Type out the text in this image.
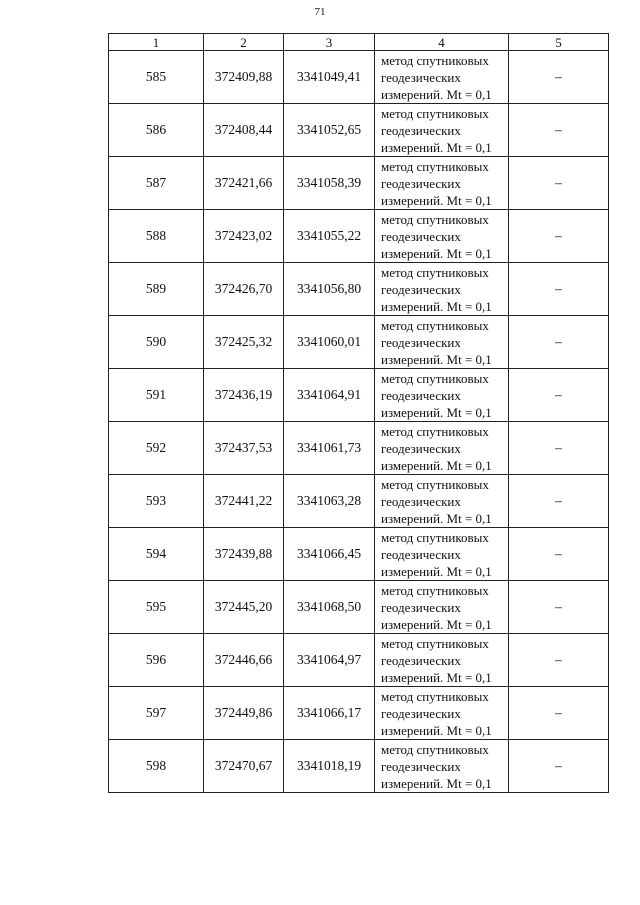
71
1	2	3	4	5
585	372409,88	3341049,41	метод спутниковых
геодезических
измерений. Mt = 0,1	–
586	372408,44	3341052,65	метод спутниковых
геодезических
измерений. Mt = 0,1	–
587	372421,66	3341058,39	метод спутниковых
геодезических
измерений. Mt = 0,1	–
588	372423,02	3341055,22	метод спутниковых
геодезических
измерений. Mt = 0,1	–
589	372426,70	3341056,80	метод спутниковых
геодезических
измерений. Mt = 0,1	–
590	372425,32	3341060,01	метод спутниковых
геодезических
измерений. Mt = 0,1	–
591	372436,19	3341064,91	метод спутниковых
геодезических
измерений. Mt = 0,1	–
592	372437,53	3341061,73	метод спутниковых
геодезических
измерений. Mt = 0,1	–
593	372441,22	3341063,28	метод спутниковых
геодезических
измерений. Mt = 0,1	–
594	372439,88	3341066,45	метод спутниковых
геодезических
измерений. Mt = 0,1	–
595	372445,20	3341068,50	метод спутниковых
геодезических
измерений. Mt = 0,1	–
596	372446,66	3341064,97	метод спутниковых
геодезических
измерений. Mt = 0,1	–
597	372449,86	3341066,17	метод спутниковых
геодезических
измерений. Mt = 0,1	–
598	372470,67	3341018,19	метод спутниковых
геодезических
измерений. Mt = 0,1	–
